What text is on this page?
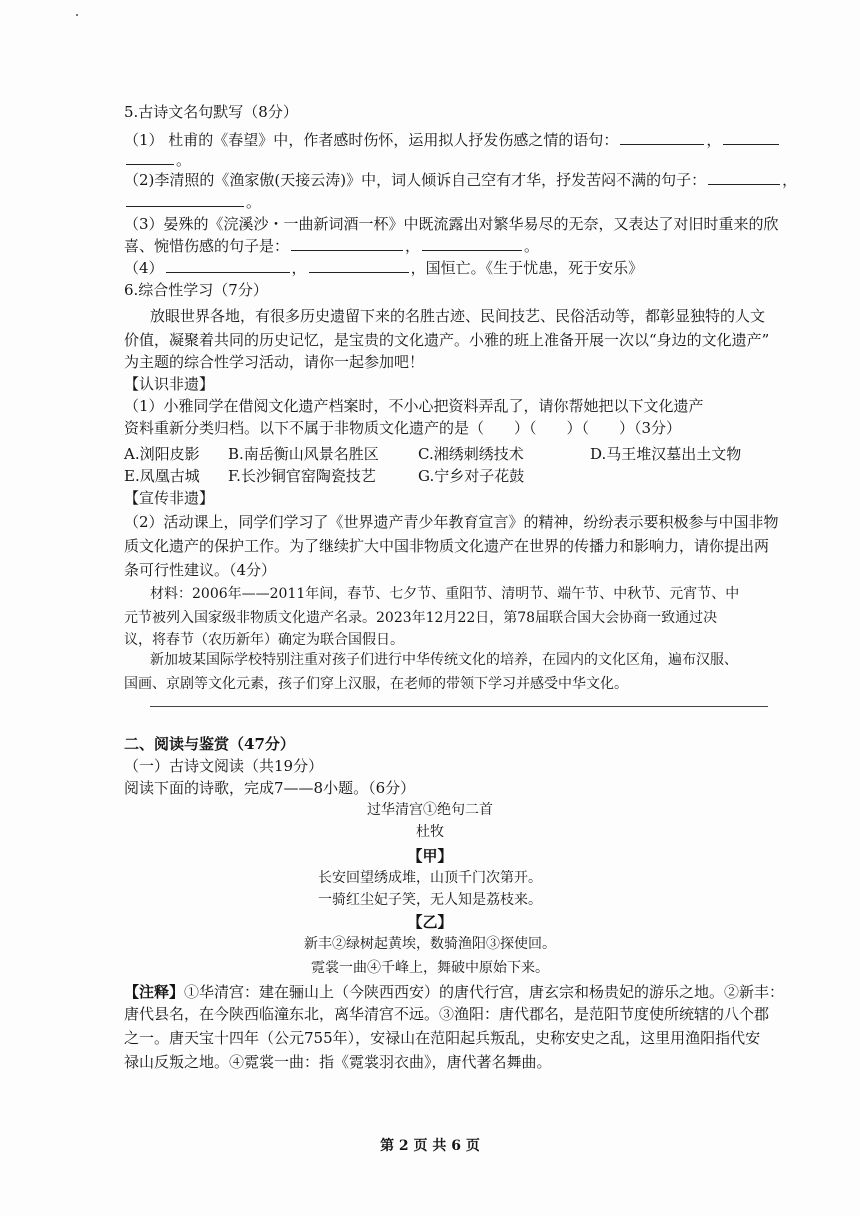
5.古诗文名句默写（8分）
（1） 杜甫的《春望》中，作者感时伤怀，运用拟人抒发伤感之情的语句：	，
。
（2)李清照的《渔家傲(天接云涛)》中，词人倾诉自己空有才华，抒发苦闷不满的句子：	，
。
（3）晏殊的《浣溪沙・一曲新词酒一杯》中既流露出对繁华易尽的无奈，又表达了对旧时重来的欣
喜、惋惜伤感的句子是：	，	。
（4）	，	，国恒亡。《生于忧患，死于安乐》
6.综合性学习（7分）
放眼世界各地，有很多历史遗留下来的名胜古迹、民间技艺、民俗活动等，都彰显独特的人文
价值，凝聚着共同的历史记忆，是宝贵的文化遗产。小雅的班上准备开展一次以“身边的文化遗产”
为主题的综合性学习活动，请你一起参加吧！
【认识非遗】
（1）小雅同学在借阅文化遗产档案时，不小心把资料弄乱了，请你帮她把以下文化遗产
资料重新分类归档。以下不属于非物质文化遗产的是（　　）（　　）（　　）（3分）
A.浏阳皮影 B.南岳衡山风景名胜区	C.湘绣刺绣技术	D.马王堆汉墓出土文物
E.凤凰古城 F.长沙铜官窑陶瓷技艺	G.宁乡对子花鼓
【宣传非遗】
（2）活动课上，同学们学习了《世界遗产青少年教育宣言》的精神，纷纷表示要积极参与中国非物
质文化遗产的保护工作。为了继续扩大中国非物质文化遗产在世界的传播力和影响力，请你提出两
条可行性建议。（4分）
材料：2006年——2011年间，春节、七夕节、重阳节、清明节、端午节、中秋节、元宵节、中
元节被列入国家级非物质文化遗产名录。2023年12月22日，第78届联合国大会协商一致通过决
议，将春节（农历新年）确定为联合国假日。
新加坡某国际学校特别注重对孩子们进行中华传统文化的培养，在园内的文化区角，遍布汉服、
国画、京剧等文化元素，孩子们穿上汉服，在老师的带领下学习并感受中华文化。
二、阅读与鉴赏（47分）
（一）古诗文阅读（共19分）
阅读下面的诗歌，完成7——8小题。（6分）
过华清宫①绝句二首
杜牧
【甲】
长安回望绣成堆，山顶千门次第开。
一骑红尘妃子笑，无人知是荔枝来。
【乙】
新丰②绿树起黄埃，数骑渔阳③探使回。
霓裳一曲④千峰上，舞破中原始下来。
【注释】①华清宫：建在骊山上（今陕西西安）的唐代行宫，唐玄宗和杨贵妃的游乐之地。②新丰：
唐代县名，在今陕西临潼东北，离华清宫不远。③渔阳：唐代郡名，是范阳节度使所统辖的八个郡
之一。唐天宝十四年（公元755年），安禄山在范阳起兵叛乱，史称安史之乱，这里用渔阳指代安
禄山反叛之地。④霓裳一曲：指《霓裳羽衣曲》，唐代著名舞曲。
第 2 页 共 6 页
